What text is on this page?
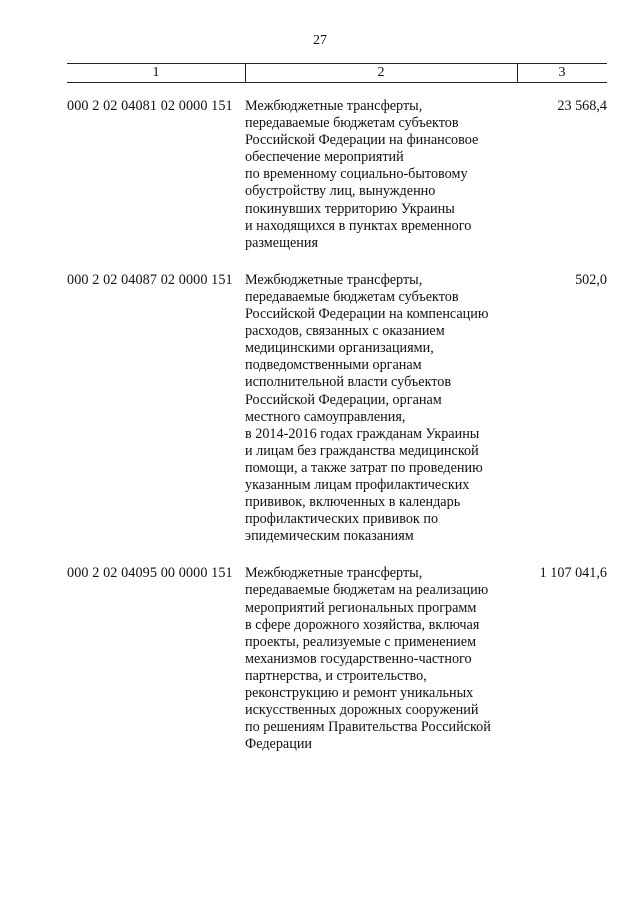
27
1	2	3
000 2 02 04081 02 0000 151 Межбюджетные трансферты,
передаваемые бюджетам субъектов
Российской Федерации на финансовое
обеспечение мероприятий
по временному социально-бытовому
обустройству лиц, вынужденно
покинувших территорию Украины
и находящихся в пунктах временного
размещения
23 568,4
000 2 02 04087 02 0000 151 Межбюджетные трансферты,
передаваемые бюджетам субъектов
Российской Федерации на компенсацию
расходов, связанных с оказанием
медицинскими организациями,
подведомственными органам
исполнительной власти субъектов
Российской Федерации, органам
местного самоуправления,
в 2014-2016 годах гражданам Украины
и лицам без гражданства медицинской
помощи, а также затрат по проведению
указанным лицам профилактических
прививок, включенных в календарь
профилактических прививок по
эпидемическим показаниям
502,0
000 2 02 04095 00 0000 151 Межбюджетные трансферты,
передаваемые бюджетам на реализацию
мероприятий региональных программ
в сфере дорожного хозяйства, включая
проекты, реализуемые с применением
механизмов государственно-частного
партнерства, и строительство,
реконструкцию и ремонт уникальных
искусственных дорожных сооружений
по решениям Правительства Российской
Федерации
1 107 041,6
